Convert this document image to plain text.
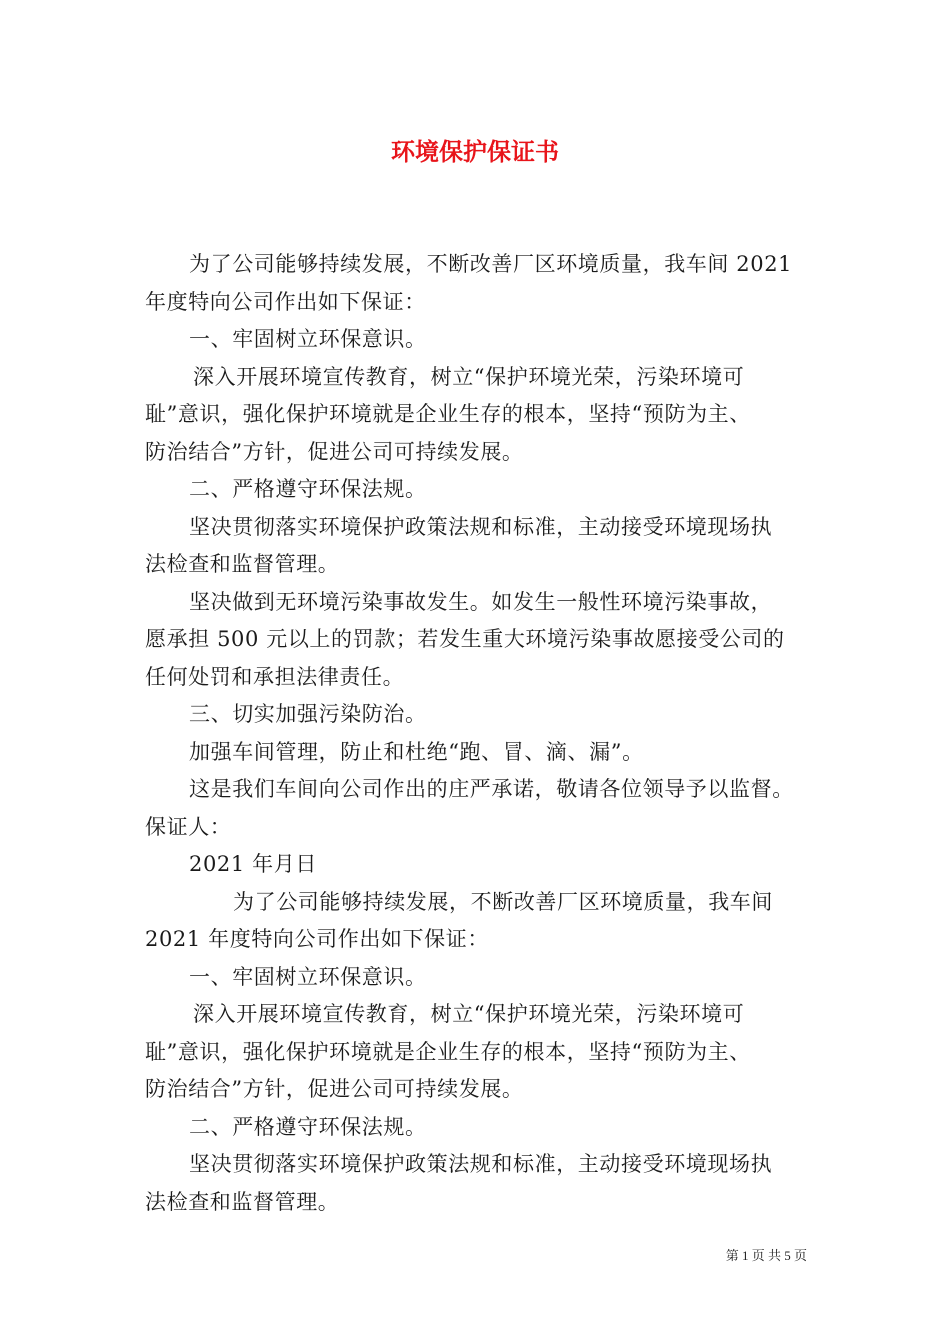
环境保护保证书
为了公司能够持续发展，不断改善厂区环境质量，我车间 2021
年度特向公司作出如下保证：
一、牢固树立环保意识。
深入开展环境宣传教育，树立“保护环境光荣，污染环境可
耻”意识，强化保护环境就是企业生存的根本，坚持“预防为主、
防治结合”方针，促进公司可持续发展。
二、严格遵守环保法规。
坚决贯彻落实环境保护政策法规和标准，主动接受环境现场执
法检查和监督管理。
坚决做到无环境污染事故发生。如发生一般性环境污染事故，
愿承担 500 元以上的罚款；若发生重大环境污染事故愿接受公司的
任何处罚和承担法律责任。
三、切实加强污染防治。
加强车间管理，防止和杜绝“跑、冒、滴、漏”。
这是我们车间向公司作出的庄严承诺，敬请各位领导予以监督。
保证人：
2021 年月日
为了公司能够持续发展，不断改善厂区环境质量，我车间
2021 年度特向公司作出如下保证：
一、牢固树立环保意识。
深入开展环境宣传教育，树立“保护环境光荣，污染环境可
耻”意识，强化保护环境就是企业生存的根本，坚持“预防为主、
防治结合”方针，促进公司可持续发展。
二、严格遵守环保法规。
坚决贯彻落实环境保护政策法规和标准，主动接受环境现场执
法检查和监督管理。
第 1 页 共 5 页
